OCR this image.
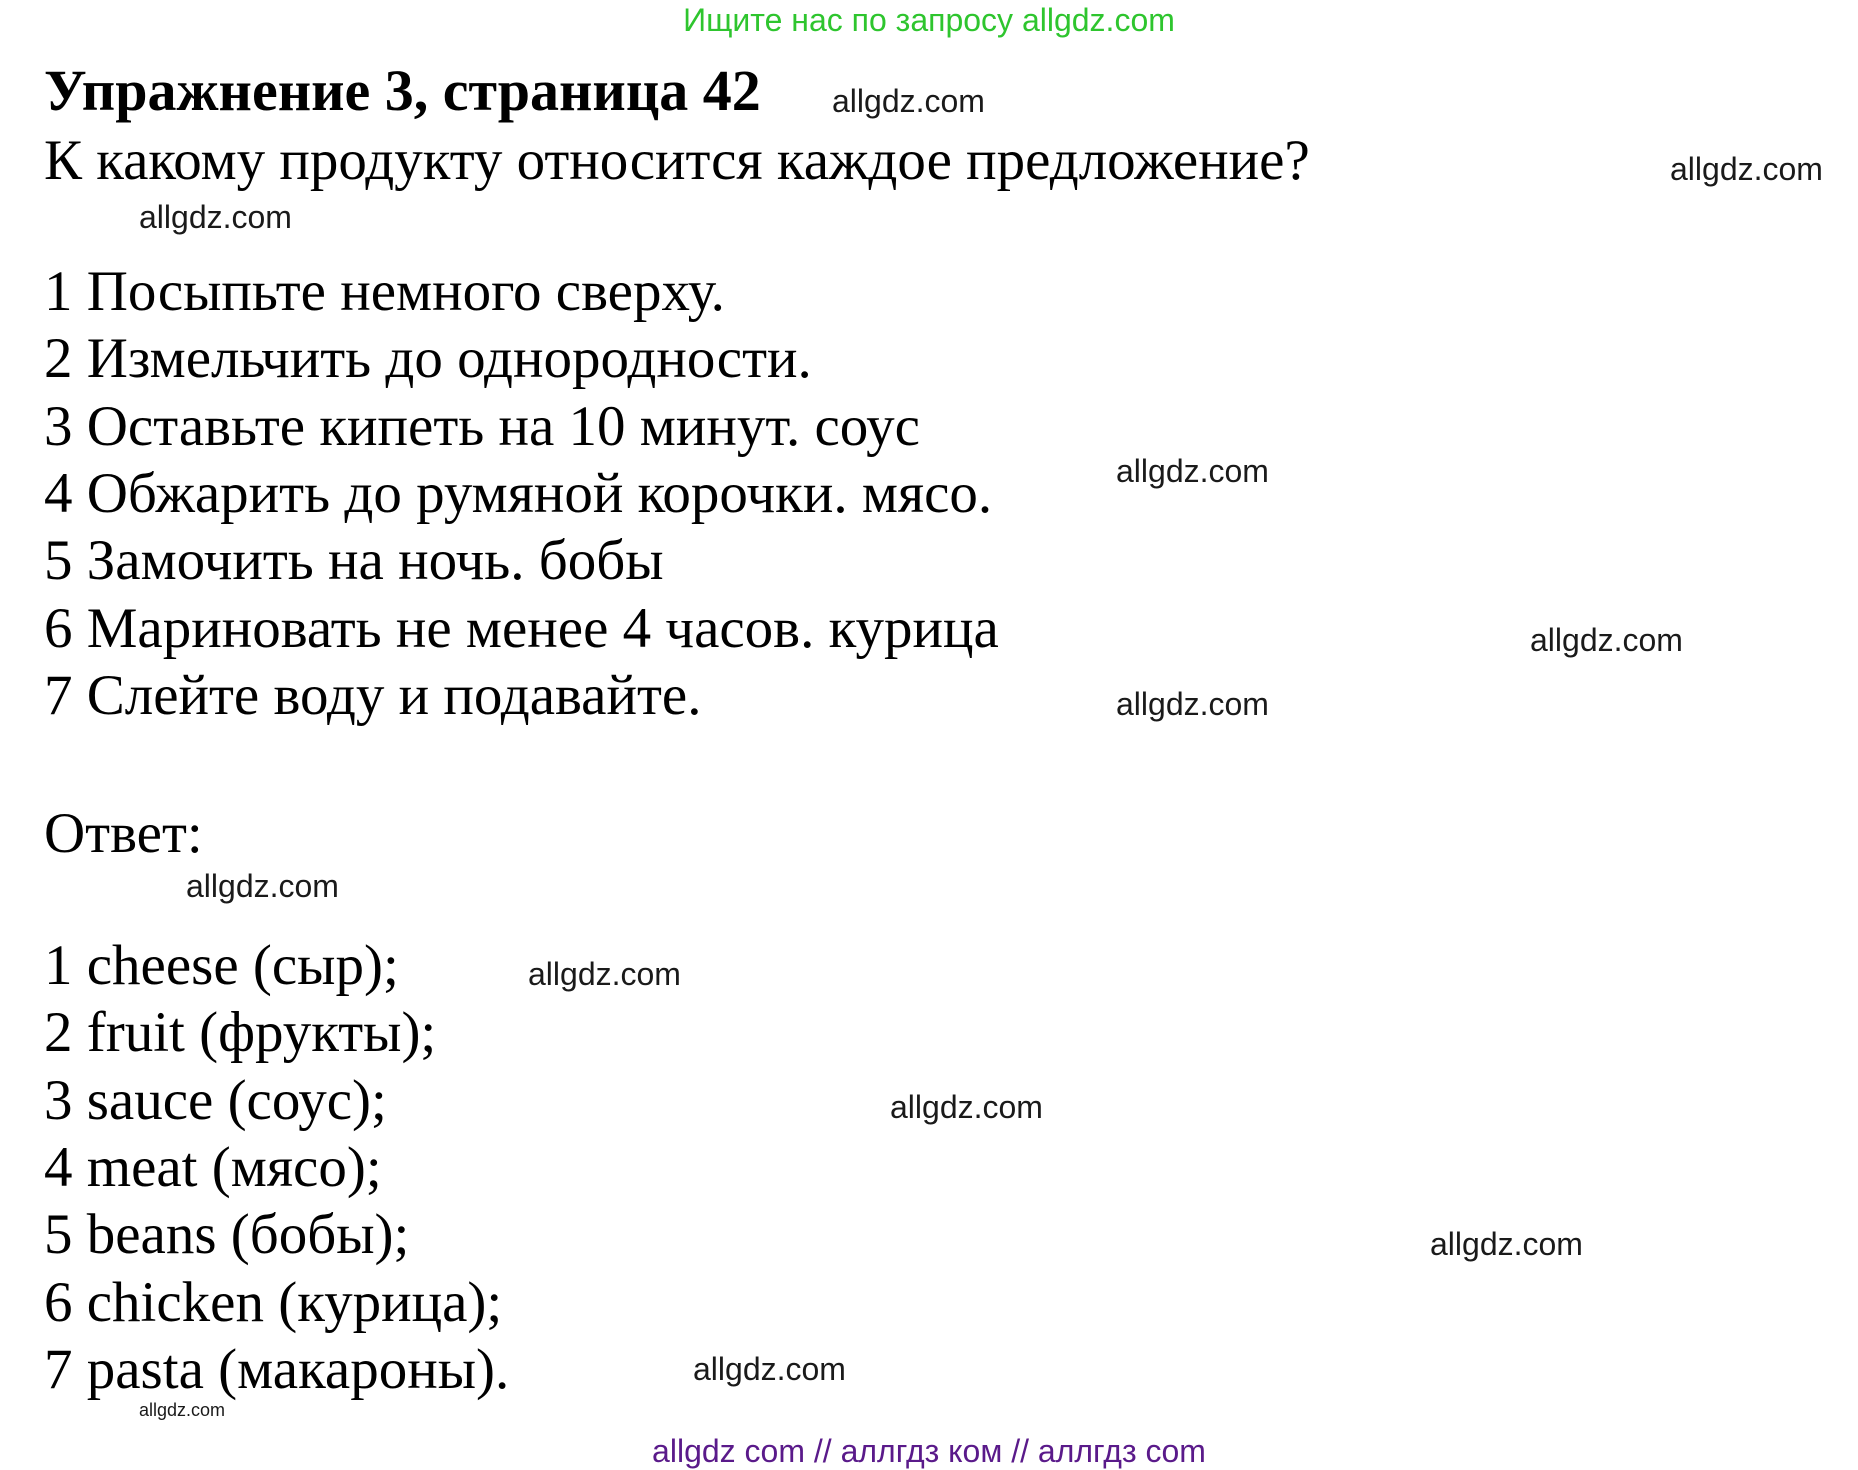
Ищите нас по запросу allgdz.com
Упражнение 3, страница 42 allgdz.com
К какому продукту относится каждое предложение?	allgdz.com
allgdz.com
1 Посыпьте немного сверху.
2 Измельчить до однородности.
3 Оставьте кипеть на 10 минут. соус
4 Обжарить до румяной корочки. мясо.
5 Замочить на ночь. бобы
6 Мариновать не менее 4 часов. курица
7 Слейте воду и подавайте.
allgdz.com
allgdz.com
allgdz.com
Ответ:
allgdz.com
1 cheese (сыр);
2 fruit (фрукты);
3 sauce (соус);
4 meat (мясо);
5 beans (бобы);
6 chicken (курица);
7 pasta (макароны).
allgdz.com
allgdz.com
allgdz.com
allgdz.com
allgdz.com
allgdz com // аллгдз ком // аллгдз com
